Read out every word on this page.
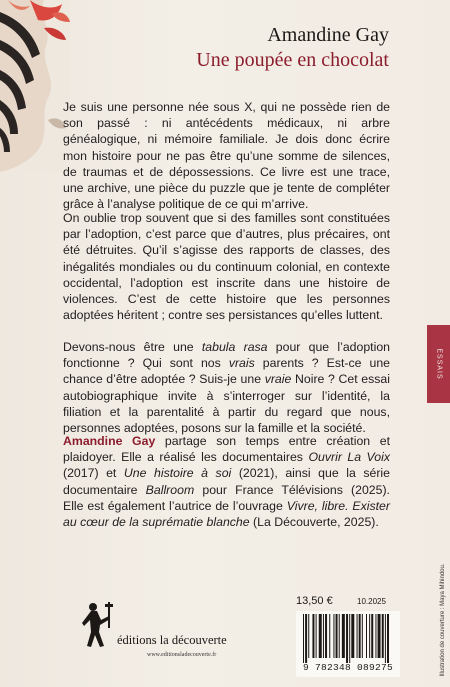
Amandine Gay
Une poupée en chocolat

Je suis une personne née sous X, qui ne possède rien de son passé : ni antécédents médicaux, ni arbre généalogique, ni mémoire familiale. Je dois donc écrire mon histoire pour ne pas être qu’une somme de silences, de traumas et de dépossessions. Ce livre est une trace, une archive, une pièce du puzzle que je tente de compléter grâce à l’analyse politique de ce qui m’arrive.

On oublie trop souvent que si des familles sont constituées par l’adoption, c’est parce que d’autres, plus précaires, ont été détruites. Qu’il s’agisse des rapports de classes, des inégalités mondiales ou du continuum colonial, en contexte occidental, l’adoption est inscrite dans une histoire de violences. C’est de cette histoire que les personnes adoptées héritent ; contre ses persistances qu’elles luttent.

Devons-nous être une tabula rasa pour que l’adoption fonctionne ? Qui sont nos vrais parents ? Est-ce une chance d’être adoptée ? Suis-je une vraie Noire ? Cet essai autobiographique invite à s’interroger sur l’identité, la filiation et la parentalité à partir du regard que nous, personnes adoptées, posons sur la famille et la société.

Amandine Gay partage son temps entre création et plaidoyer. Elle a réalisé les documentaires Ouvrir La Voix (2017) et Une histoire à soi (2021), ainsi que la série documentaire Ballroom pour France Télévisions (2025). Elle est également l’autrice de l’ouvrage Vivre, libre. Exister au cœur de la suprématie blanche (La Découverte, 2025).

ESSAIS
Illustration de couverture : Maya Mihindou.
éditions la découverte
www.editionsladecouverte.fr
13,50 €	10.2025
9 782348 089275
